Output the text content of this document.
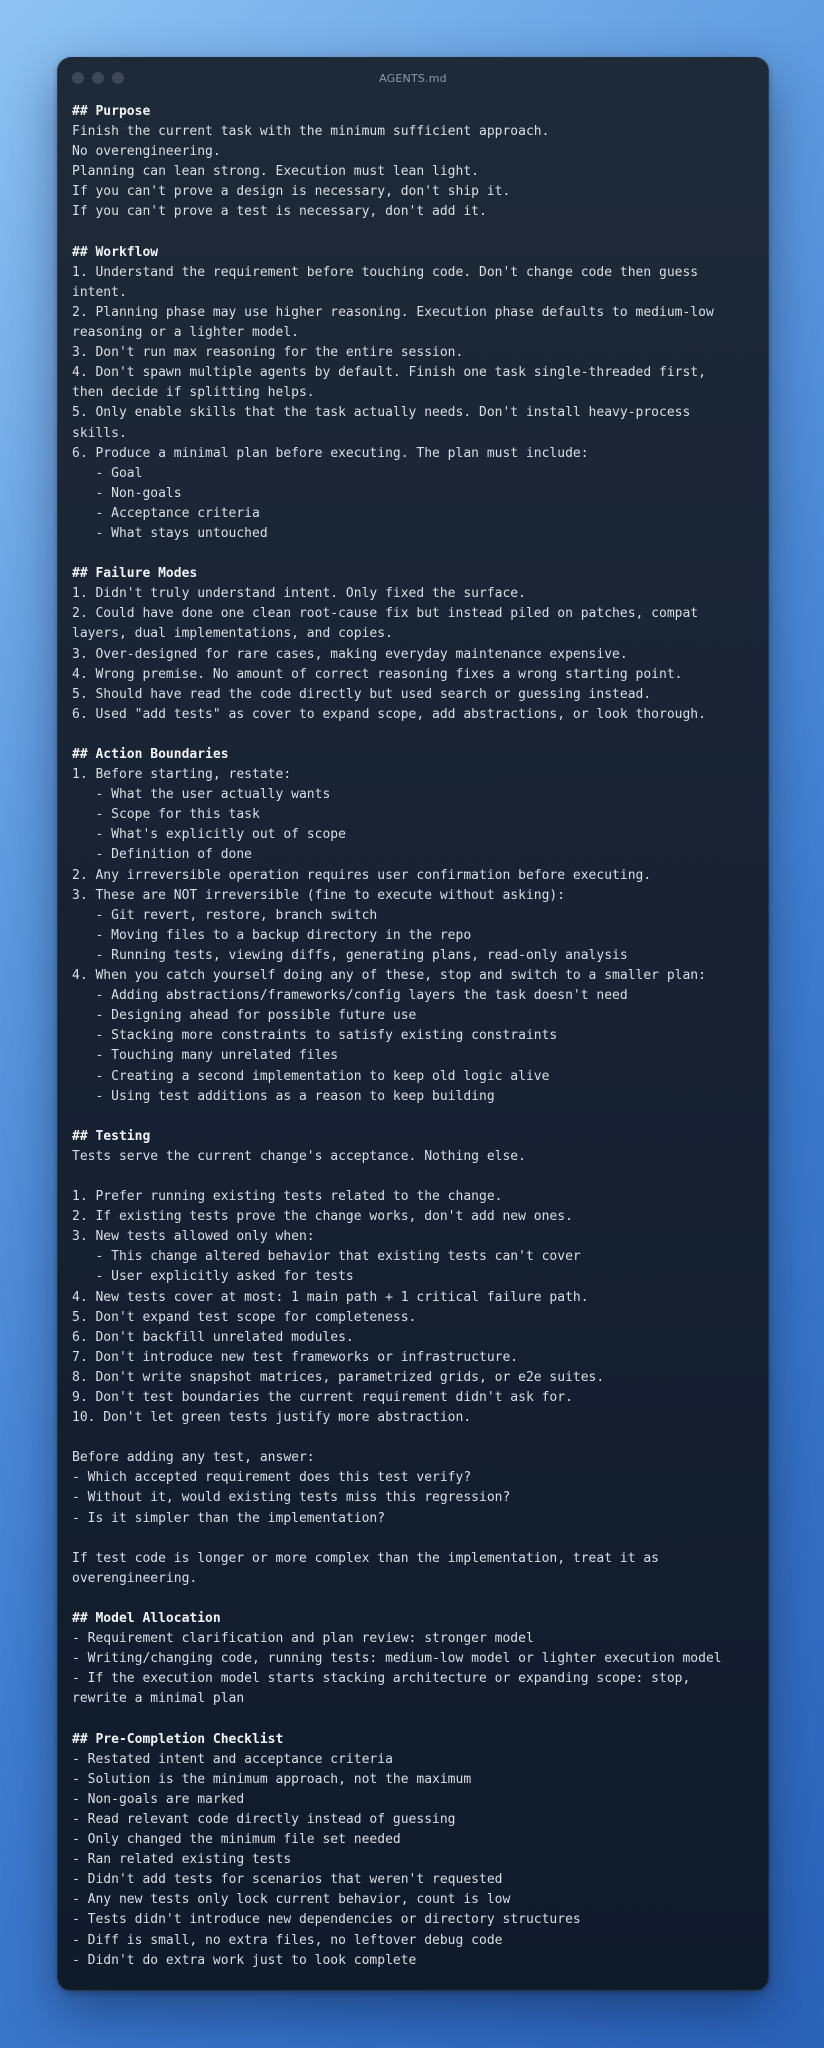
AGENTS.md
## Purpose
Finish the current task with the minimum sufficient approach.
No overengineering.
Planning can lean strong. Execution must lean light.
If you can't prove a design is necessary, don't ship it.
If you can't prove a test is necessary, don't add it.

## Workflow
1. Understand the requirement before touching code. Don't change code then guess
intent.
2. Planning phase may use higher reasoning. Execution phase defaults to medium-low
reasoning or a lighter model.
3. Don't run max reasoning for the entire session.
4. Don't spawn multiple agents by default. Finish one task single-threaded first,
then decide if splitting helps.
5. Only enable skills that the task actually needs. Don't install heavy-process
skills.
6. Produce a minimal plan before executing. The plan must include:
- Goal
- Non-goals
- Acceptance criteria
- What stays untouched

## Failure Modes
1. Didn't truly understand intent. Only fixed the surface.
2. Could have done one clean root-cause fix but instead piled on patches, compat
layers, dual implementations, and copies.
3. Over-designed for rare cases, making everyday maintenance expensive.
4. Wrong premise. No amount of correct reasoning fixes a wrong starting point.
5. Should have read the code directly but used search or guessing instead.
6. Used "add tests" as cover to expand scope, add abstractions, or look thorough.

## Action Boundaries
1. Before starting, restate:
- What the user actually wants
- Scope for this task
- What's explicitly out of scope
- Definition of done
2. Any irreversible operation requires user confirmation before executing.
3. These are NOT irreversible (fine to execute without asking):
- Git revert, restore, branch switch
- Moving files to a backup directory in the repo
- Running tests, viewing diffs, generating plans, read-only analysis
4. When you catch yourself doing any of these, stop and switch to a smaller plan:
- Adding abstractions/frameworks/config layers the task doesn't need
- Designing ahead for possible future use
- Stacking more constraints to satisfy existing constraints
- Touching many unrelated files
- Creating a second implementation to keep old logic alive
- Using test additions as a reason to keep building

## Testing
Tests serve the current change's acceptance. Nothing else.

1. Prefer running existing tests related to the change.
2. If existing tests prove the change works, don't add new ones.
3. New tests allowed only when:
- This change altered behavior that existing tests can't cover
- User explicitly asked for tests
4. New tests cover at most: 1 main path + 1 critical failure path.
5. Don't expand test scope for completeness.
6. Don't backfill unrelated modules.
7. Don't introduce new test frameworks or infrastructure.
8. Don't write snapshot matrices, parametrized grids, or e2e suites.
9. Don't test boundaries the current requirement didn't ask for.
10. Don't let green tests justify more abstraction.

Before adding any test, answer:
- Which accepted requirement does this test verify?
- Without it, would existing tests miss this regression?
- Is it simpler than the implementation?

If test code is longer or more complex than the implementation, treat it as
overengineering.

## Model Allocation
- Requirement clarification and plan review: stronger model
- Writing/changing code, running tests: medium-low model or lighter execution model
- If the execution model starts stacking architecture or expanding scope: stop,
rewrite a minimal plan

## Pre-Completion Checklist
- Restated intent and acceptance criteria
- Solution is the minimum approach, not the maximum
- Non-goals are marked
- Read relevant code directly instead of guessing
- Only changed the minimum file set needed
- Ran related existing tests
- Didn't add tests for scenarios that weren't requested
- Any new tests only lock current behavior, count is low
- Tests didn't introduce new dependencies or directory structures
- Diff is small, no extra files, no leftover debug code
- Didn't do extra work just to look complete
